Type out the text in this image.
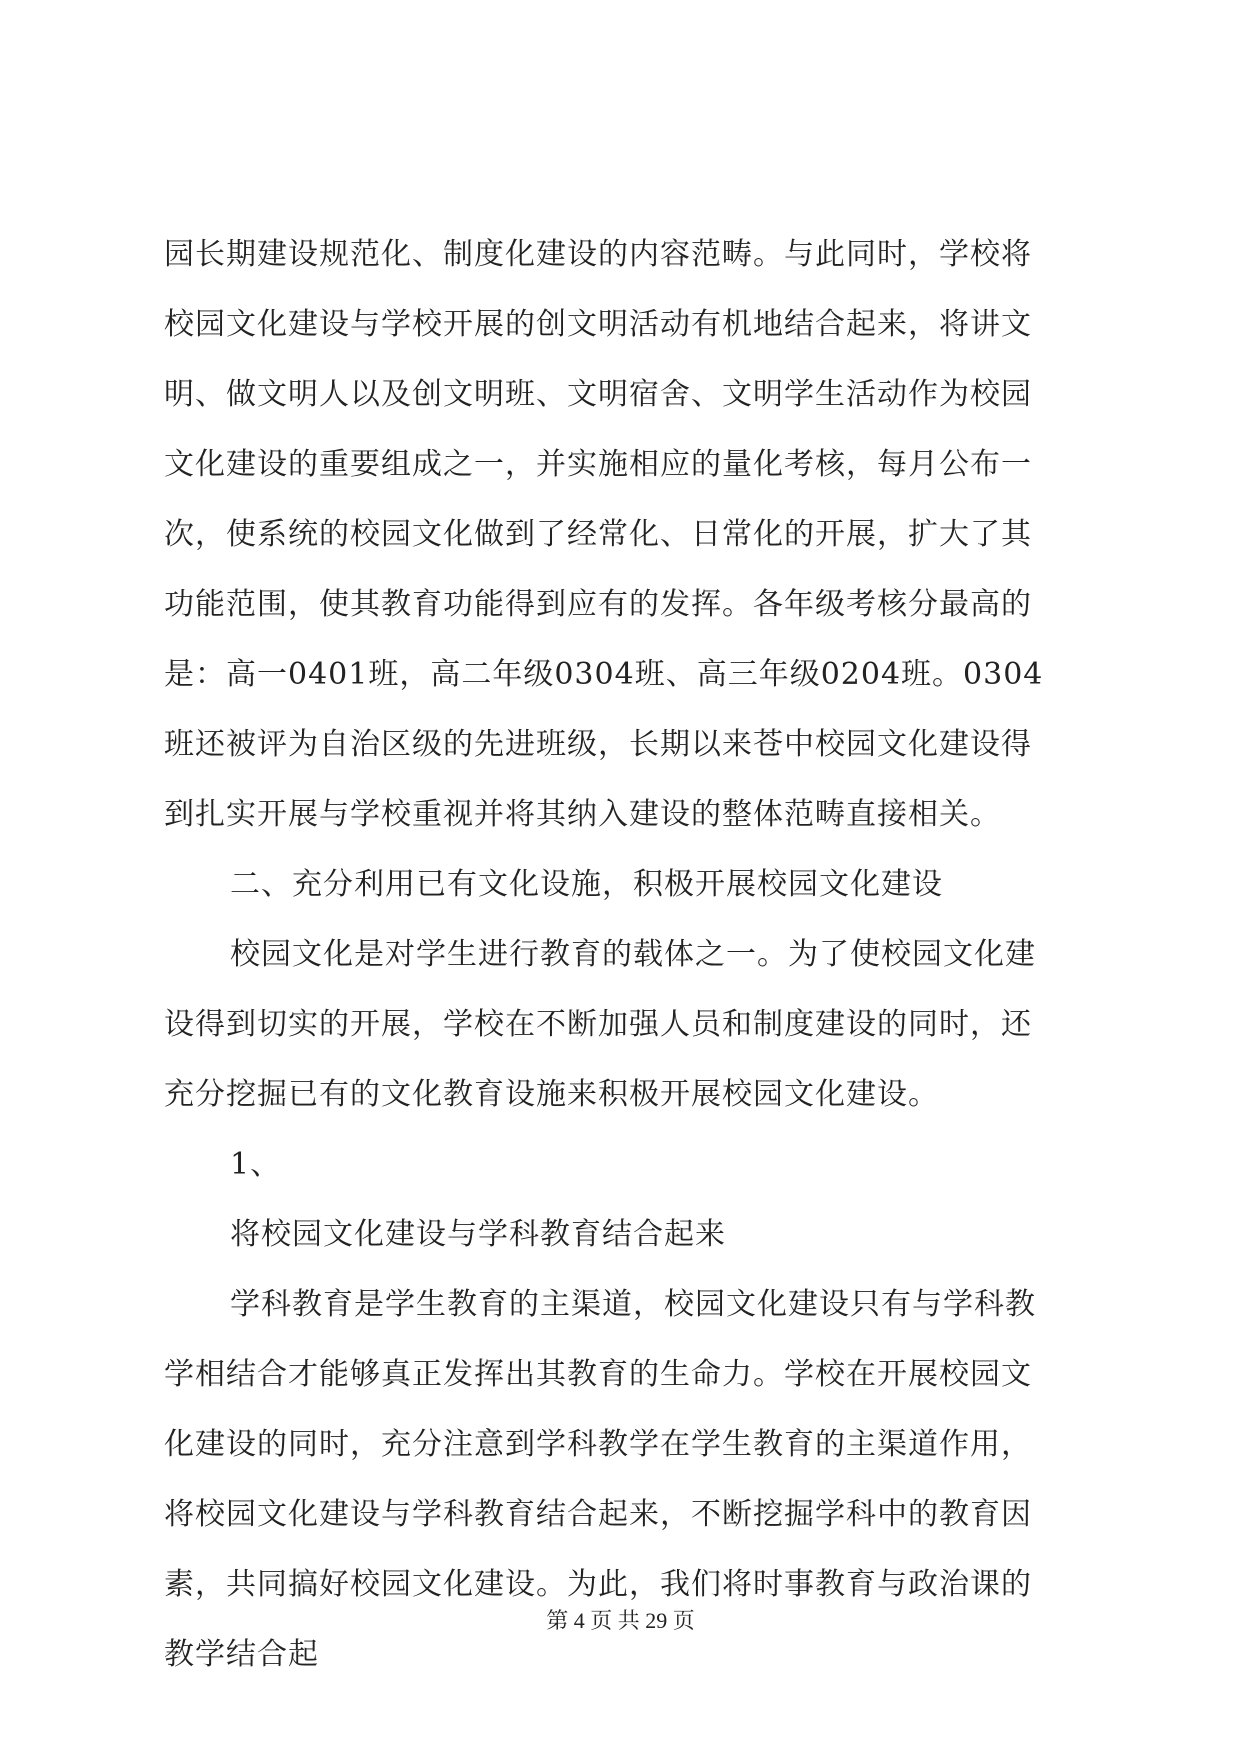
园长期建设规范化、制度化建设的内容范畴。与此同时，学校将
校园文化建设与学校开展的创文明活动有机地结合起来，将讲文
明、做文明人以及创文明班、文明宿舍、文明学生活动作为校园
文化建设的重要组成之一，并实施相应的量化考核，每月公布一
次，使系统的校园文化做到了经常化、日常化的开展，扩大了其
功能范围，使其教育功能得到应有的发挥。各年级考核分最高的
是：高一0401班，高二年级0304班、高三年级0204班。0304
班还被评为自治区级的先进班级，长期以来苍中校园文化建设得
到扎实开展与学校重视并将其纳入建设的整体范畴直接相关。
二、充分利用已有文化设施，积极开展校园文化建设
校园文化是对学生进行教育的载体之一。为了使校园文化建
设得到切实的开展，学校在不断加强人员和制度建设的同时，还
充分挖掘已有的文化教育设施来积极开展校园文化建设。
1、
将校园文化建设与学科教育结合起来
学科教育是学生教育的主渠道，校园文化建设只有与学科教
学相结合才能够真正发挥出其教育的生命力。学校在开展校园文
化建设的同时，充分注意到学科教学在学生教育的主渠道作用，
将校园文化建设与学科教育结合起来，不断挖掘学科中的教育因
素，共同搞好校园文化建设。为此，我们将时事教育与政治课的
教学结合起
第 4 页 共 29 页
